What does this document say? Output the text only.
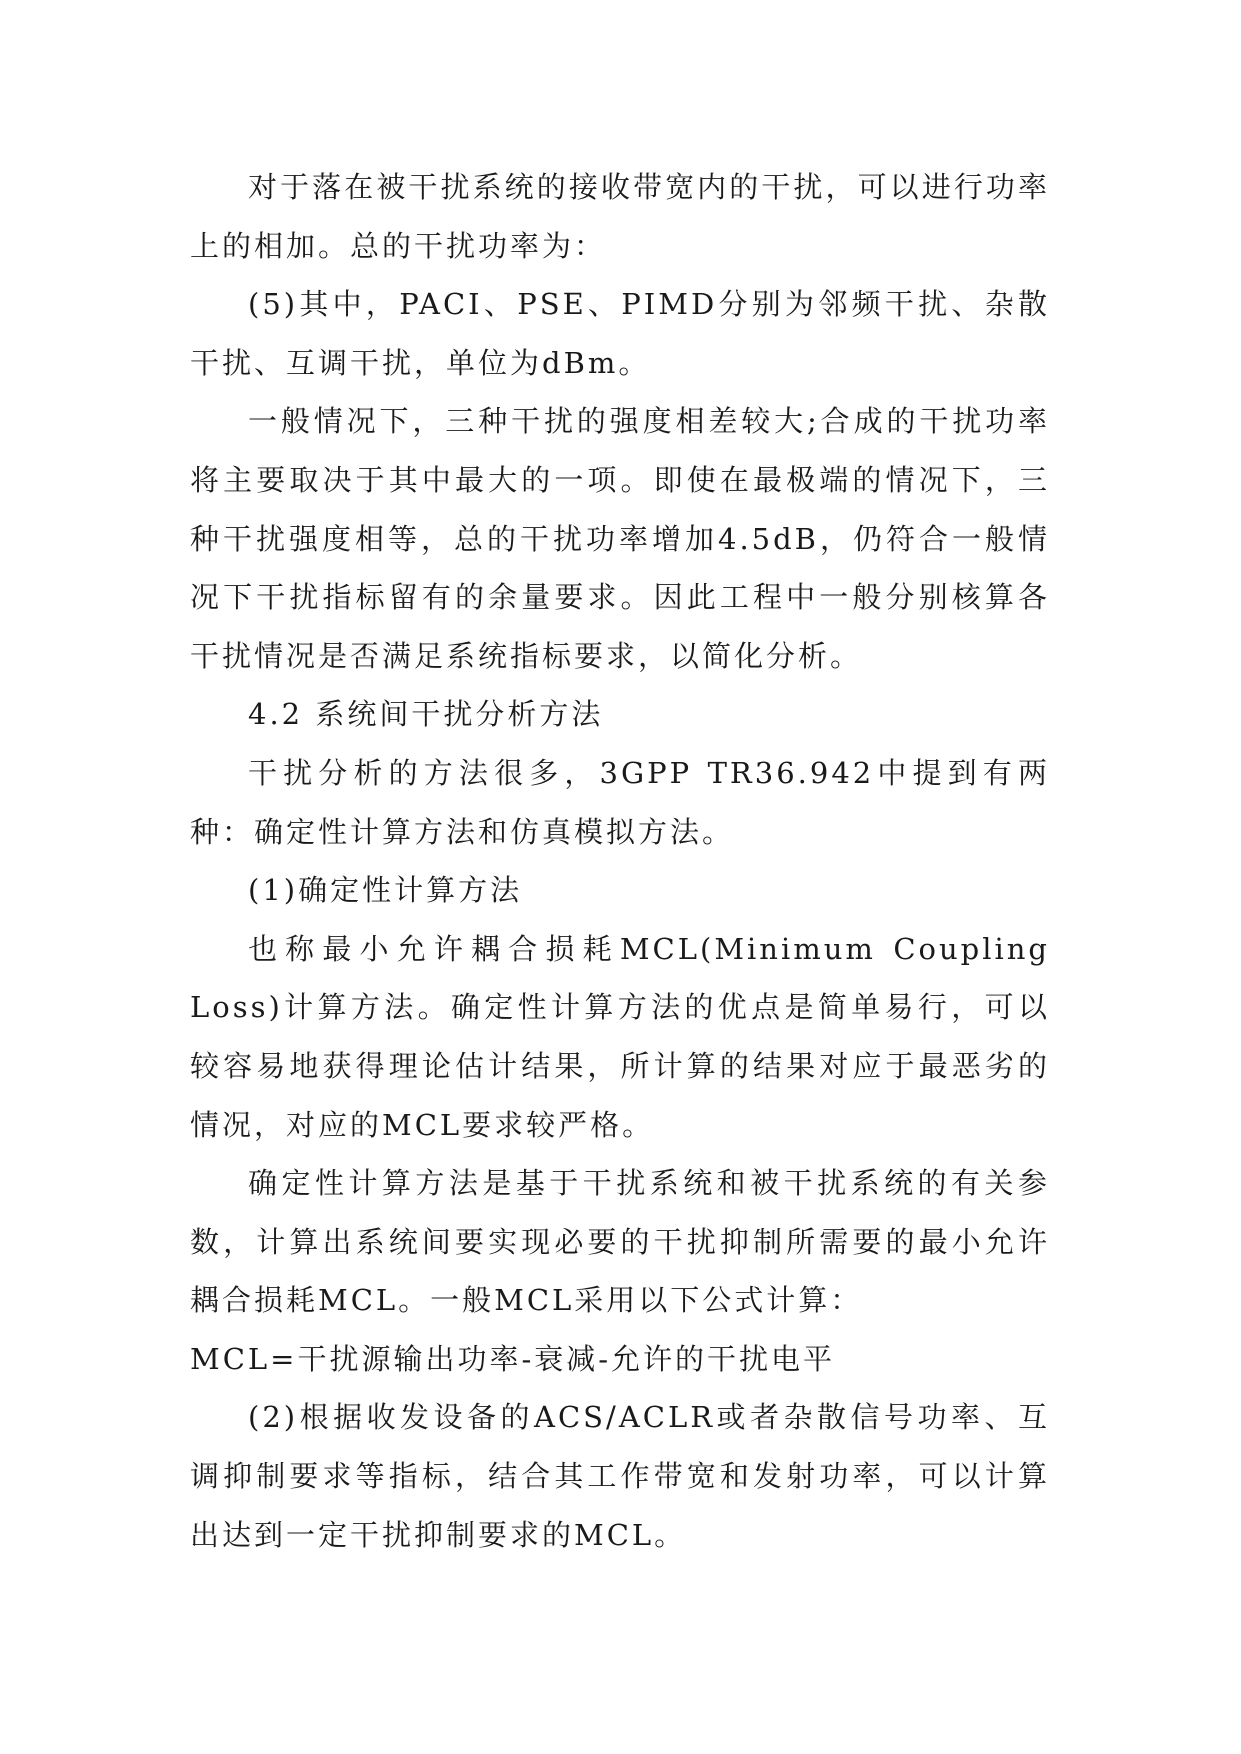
对于落在被干扰系统的接收带宽内的干扰，可以进行功率上的相加。总的干扰功率为：

(5)其中，PACI、PSE、PIMD分别为邻频干扰、杂散干扰、互调干扰，单位为dBm。

一般情况下，三种干扰的强度相差较大;合成的干扰功率将主要取决于其中最大的一项。即使在最极端的情况下，三种干扰强度相等，总的干扰功率增加4.5dB，仍符合一般情况下干扰指标留有的余量要求。因此工程中一般分别核算各干扰情况是否满足系统指标要求，以简化分析。

4.2 系统间干扰分析方法

干扰分析的方法很多，3GPP TR36.942中提到有两种：确定性计算方法和仿真模拟方法。

(1)确定性计算方法

也称最小允许耦合损耗MCL(Minimum Coupling Loss)计算方法。确定性计算方法的优点是简单易行，可以较容易地获得理论估计结果，所计算的结果对应于最恶劣的情况，对应的MCL要求较严格。

确定性计算方法是基于干扰系统和被干扰系统的有关参数，计算出系统间要实现必要的干扰抑制所需要的最小允许耦合损耗MCL。一般MCL采用以下公式计算：

MCL=干扰源输出功率-衰减-允许的干扰电平

(2)根据收发设备的ACS/ACLR或者杂散信号功率、互调抑制要求等指标，结合其工作带宽和发射功率，可以计算出达到一定干扰抑制要求的MCL。
